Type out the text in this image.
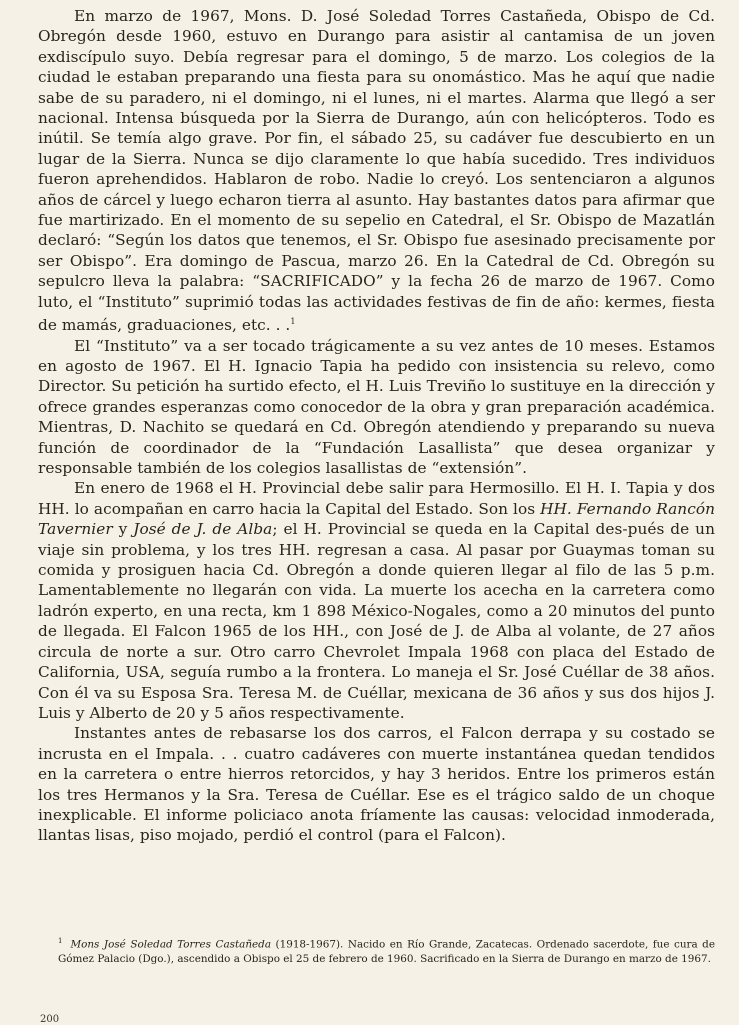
En marzo de 1967, Mons. D. José Soledad Torres Castañeda, Obispo de Cd. Obregón desde 1960, estuvo en Durango para asistir al cantamisa de un joven exdiscípulo suyo. Debía regresar para el domingo, 5 de marzo. Los colegios de la ciudad le estaban preparando una fiesta para su onomástico. Mas he aquí que nadie sabe de su paradero, ni el domingo, ni el lunes, ni el martes. Alarma que llegó a ser nacional. Intensa búsqueda por la Sierra de Durango, aún con helicópteros. Todo es inútil. Se temía algo grave. Por fin, el sábado 25, su cadáver fue descubierto en un lugar de la Sierra. Nunca se dijo claramente lo que había sucedido. Tres individuos fueron aprehendidos. Hablaron de robo. Nadie lo creyó. Los sentenciaron a algunos años de cárcel y luego echaron tierra al asunto. Hay bastantes datos para afirmar que fue martirizado. En el momento de su sepelio en Catedral, el Sr. Obispo de Mazatlán declaró: “Según los datos que tenemos, el Sr. Obispo fue asesinado precisamente por ser Obispo”. Era domingo de Pascua, marzo 26. En la Catedral de Cd. Obregón su sepulcro lleva la palabra: “SACRIFICADO” y la fecha 26 de marzo de 1967. Como luto, el “Instituto” suprimió todas las actividades festivas de fin de año: kermes, fiesta de mamás, graduaciones, etc. . .$^1$

El “Instituto” va a ser tocado trágicamente a su vez antes de 10 meses. Estamos en agosto de 1967. El H. Ignacio Tapia ha pedido con insistencia su relevo, como Director. Su petición ha surtido efecto, el H. Luis Treviño lo sustituye en la dirección y ofrece grandes esperanzas como conocedor de la obra y gran preparación académica. Mientras, D. Nachito se quedará en Cd. Obregón atendiendo y preparando su nueva función de coordinador de la “Fundación Lasallista” que desea organizar y responsable también de los colegios lasallistas de “extensión”.

En enero de 1968 el H. Provincial debe salir para Hermosillo. El H. I. Tapia y dos HH. lo acompañan en carro hacia la Capital del Estado. Son los HH. Fernando Rancón Tavernier y José de J. de Alba; el H. Provincial se queda en la Capital des-pués de un viaje sin problema, y los tres HH. regresan a casa. Al pasar por Guaymas toman su comida y prosiguen hacia Cd. Obregón a donde quieren llegar al filo de las 5 p.m. Lamentablemente no llegarán con vida. La muerte los acecha en la carretera como ladrón experto, en una recta, km 1 898 México-Nogales, como a 20 minutos del punto de llegada. El Falcon 1965 de los HH., con José de J. de Alba al volante, de 27 años circula de norte a sur. Otro carro Chevrolet Impala 1968 con placa del Estado de California, USA, seguía rumbo a la frontera. Lo maneja el Sr. José Cuéllar de 38 años. Con él va su Esposa Sra. Teresa M. de Cuéllar, mexicana de 36 años y sus dos hijos J. Luis y Alberto de 20 y 5 años respectivamente.

Instantes antes de rebasarse los dos carros, el Falcon derrapa y su costado se incrusta en el Impala. . . cuatro cadáveres con muerte instantánea quedan tendidos en la carretera o entre hierros retorcidos, y hay 3 heridos. Entre los primeros están los tres Hermanos y la Sra. Teresa de Cuéllar. Ese es el trágico saldo de un choque inexplicable. El informe policiaco anota fríamente las causas: velocidad inmoderada, llantas lisas, piso mojado, perdió el control (para el Falcon).

$^1$ Mons José Soledad Torres Castañeda (1918-1967). Nacido en Río Grande, Zacatecas. Ordenado sacerdote, fue cura de Gómez Palacio (Dgo.), ascendido a Obispo el 25 de febrero de 1960. Sacrificado en la Sierra de Durango en marzo de 1967.

200
